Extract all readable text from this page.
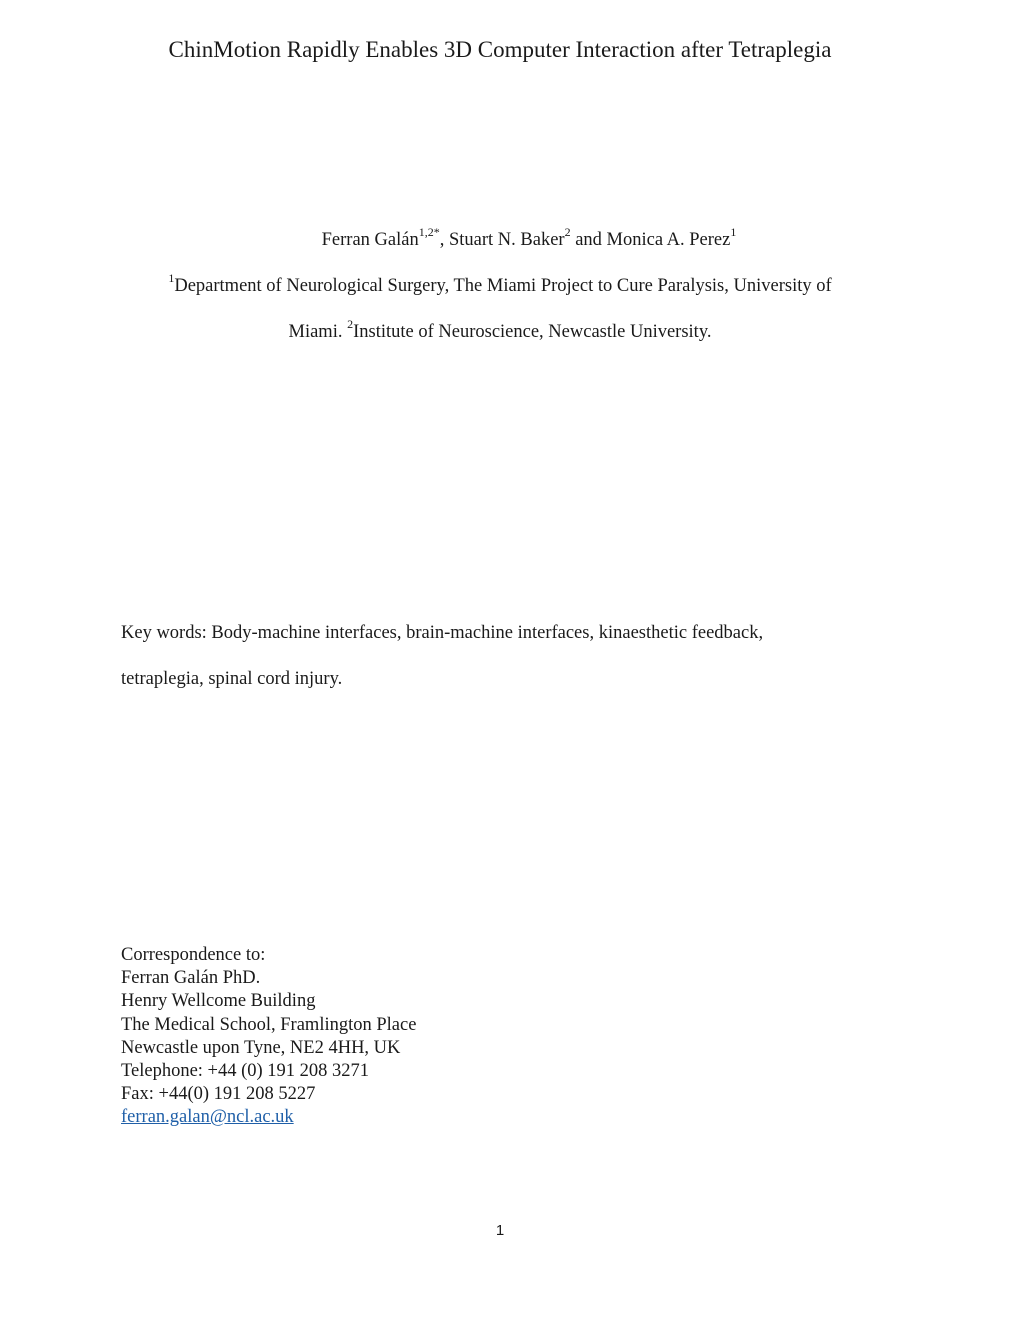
ChinMotion Rapidly Enables 3D Computer Interaction after Tetraplegia
Ferran Galán$^{1,2*}$, Stuart N. Baker$^2$ and Monica A. Perez$^1$
$^1$Department of Neurological Surgery, The Miami Project to Cure Paralysis, University of
Miami. $^2$Institute of Neuroscience, Newcastle University.
Key words: Body-machine interfaces, brain-machine interfaces, kinaesthetic feedback,
tetraplegia, spinal cord injury.
Correspondence to:
Ferran Galán PhD.
Henry Wellcome Building
The Medical School, Framlington Place
Newcastle upon Tyne, NE2 4HH, UK
Telephone: +44 (0) 191 208 3271
Fax: +44(0) 191 208 5227
ferran.galan@ncl.ac.uk
1
